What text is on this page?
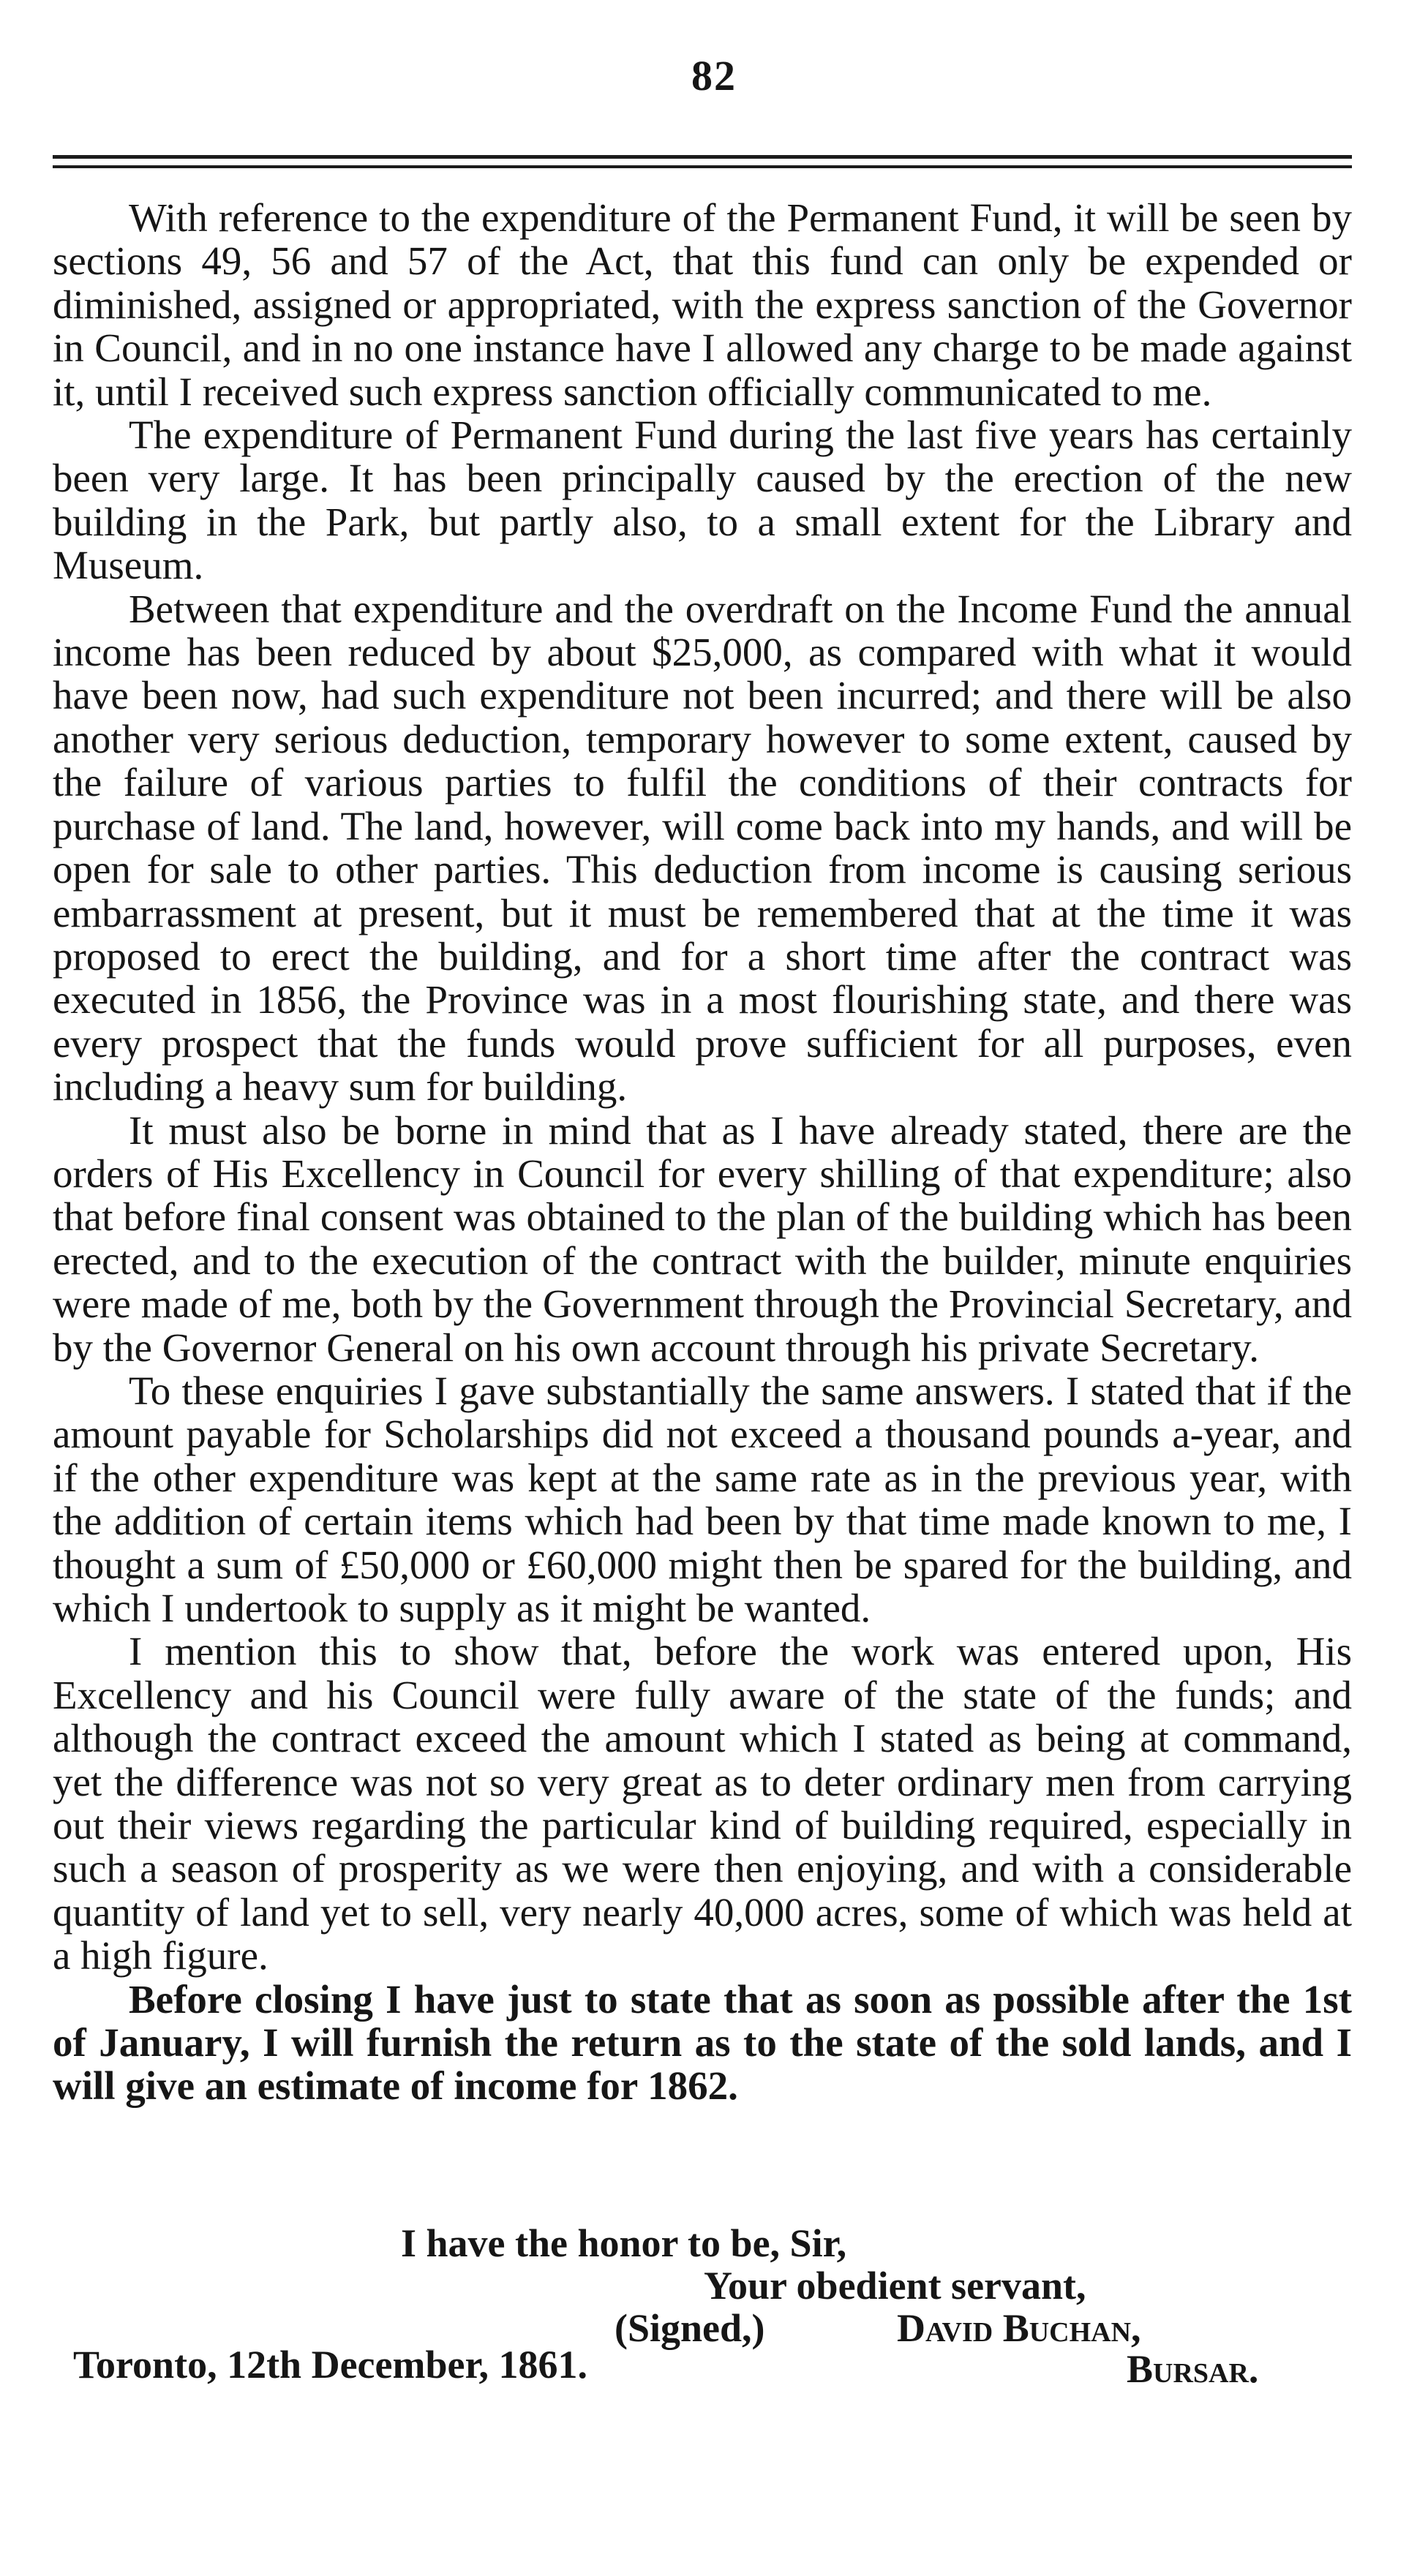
82

With reference to the expenditure of the Permanent Fund, it will be seen by sections 49, 56 and 57 of the Act, that this fund can only be expended or diminished, assigned or appropriated, with the express sanction of the Governor in Council, and in no one instance have I allowed any charge to be made against it, until I received such express sanction officially communicated to me.

The expenditure of Permanent Fund during the last five years has certainly been very large. It has been principally caused by the erection of the new building in the Park, but partly also, to a small extent for the Library and Museum.

Between that expenditure and the overdraft on the Income Fund the annual income has been reduced by about $25,000, as compared with what it would have been now, had such expenditure not been incurred; and there will be also another very serious deduction, temporary however to some extent, caused by the failure of various parties to fulfil the conditions of their contracts for purchase of land. The land, however, will come back into my hands, and will be open for sale to other parties. This deduction from income is causing serious embarrassment at present, but it must be remembered that at the time it was proposed to erect the building, and for a short time after the contract was executed in 1856, the Province was in a most flourishing state, and there was every prospect that the funds would prove sufficient for all purposes, even including a heavy sum for building.

It must also be borne in mind that as I have already stated, there are the orders of His Excellency in Council for every shilling of that expenditure; also that before final consent was obtained to the plan of the building which has been erected, and to the execution of the contract with the builder, minute enquiries were made of me, both by the Government through the Provincial Secretary, and by the Governor General on his own account through his private Secretary.

To these enquiries I gave substantially the same answers. I stated that if the amount payable for Scholarships did not exceed a thousand pounds a-year, and if the other expenditure was kept at the same rate as in the previous year, with the addition of certain items which had been by that time made known to me, I thought a sum of £50,000 or £60,000 might then be spared for the building, and which I undertook to supply as it might be wanted.

I mention this to show that, before the work was entered upon, His Excellency and his Council were fully aware of the state of the funds; and although the contract exceed the amount which I stated as being at command, yet the difference was not so very great as to deter ordinary men from carrying out their views regarding the particular kind of building required, especially in such a season of prosperity as we were then enjoying, and with a considerable quantity of land yet to sell, very nearly 40,000 acres, some of which was held at a high figure.

Before closing I have just to state that as soon as possible after the 1st of January, I will furnish the return as to the state of the sold lands, and I will give an estimate of income for 1862.

I have the honor to be, Sir,
Your obedient servant,
(Signed,)	David Buchan,
Toronto, 12th December, 1861.	Bursar.
